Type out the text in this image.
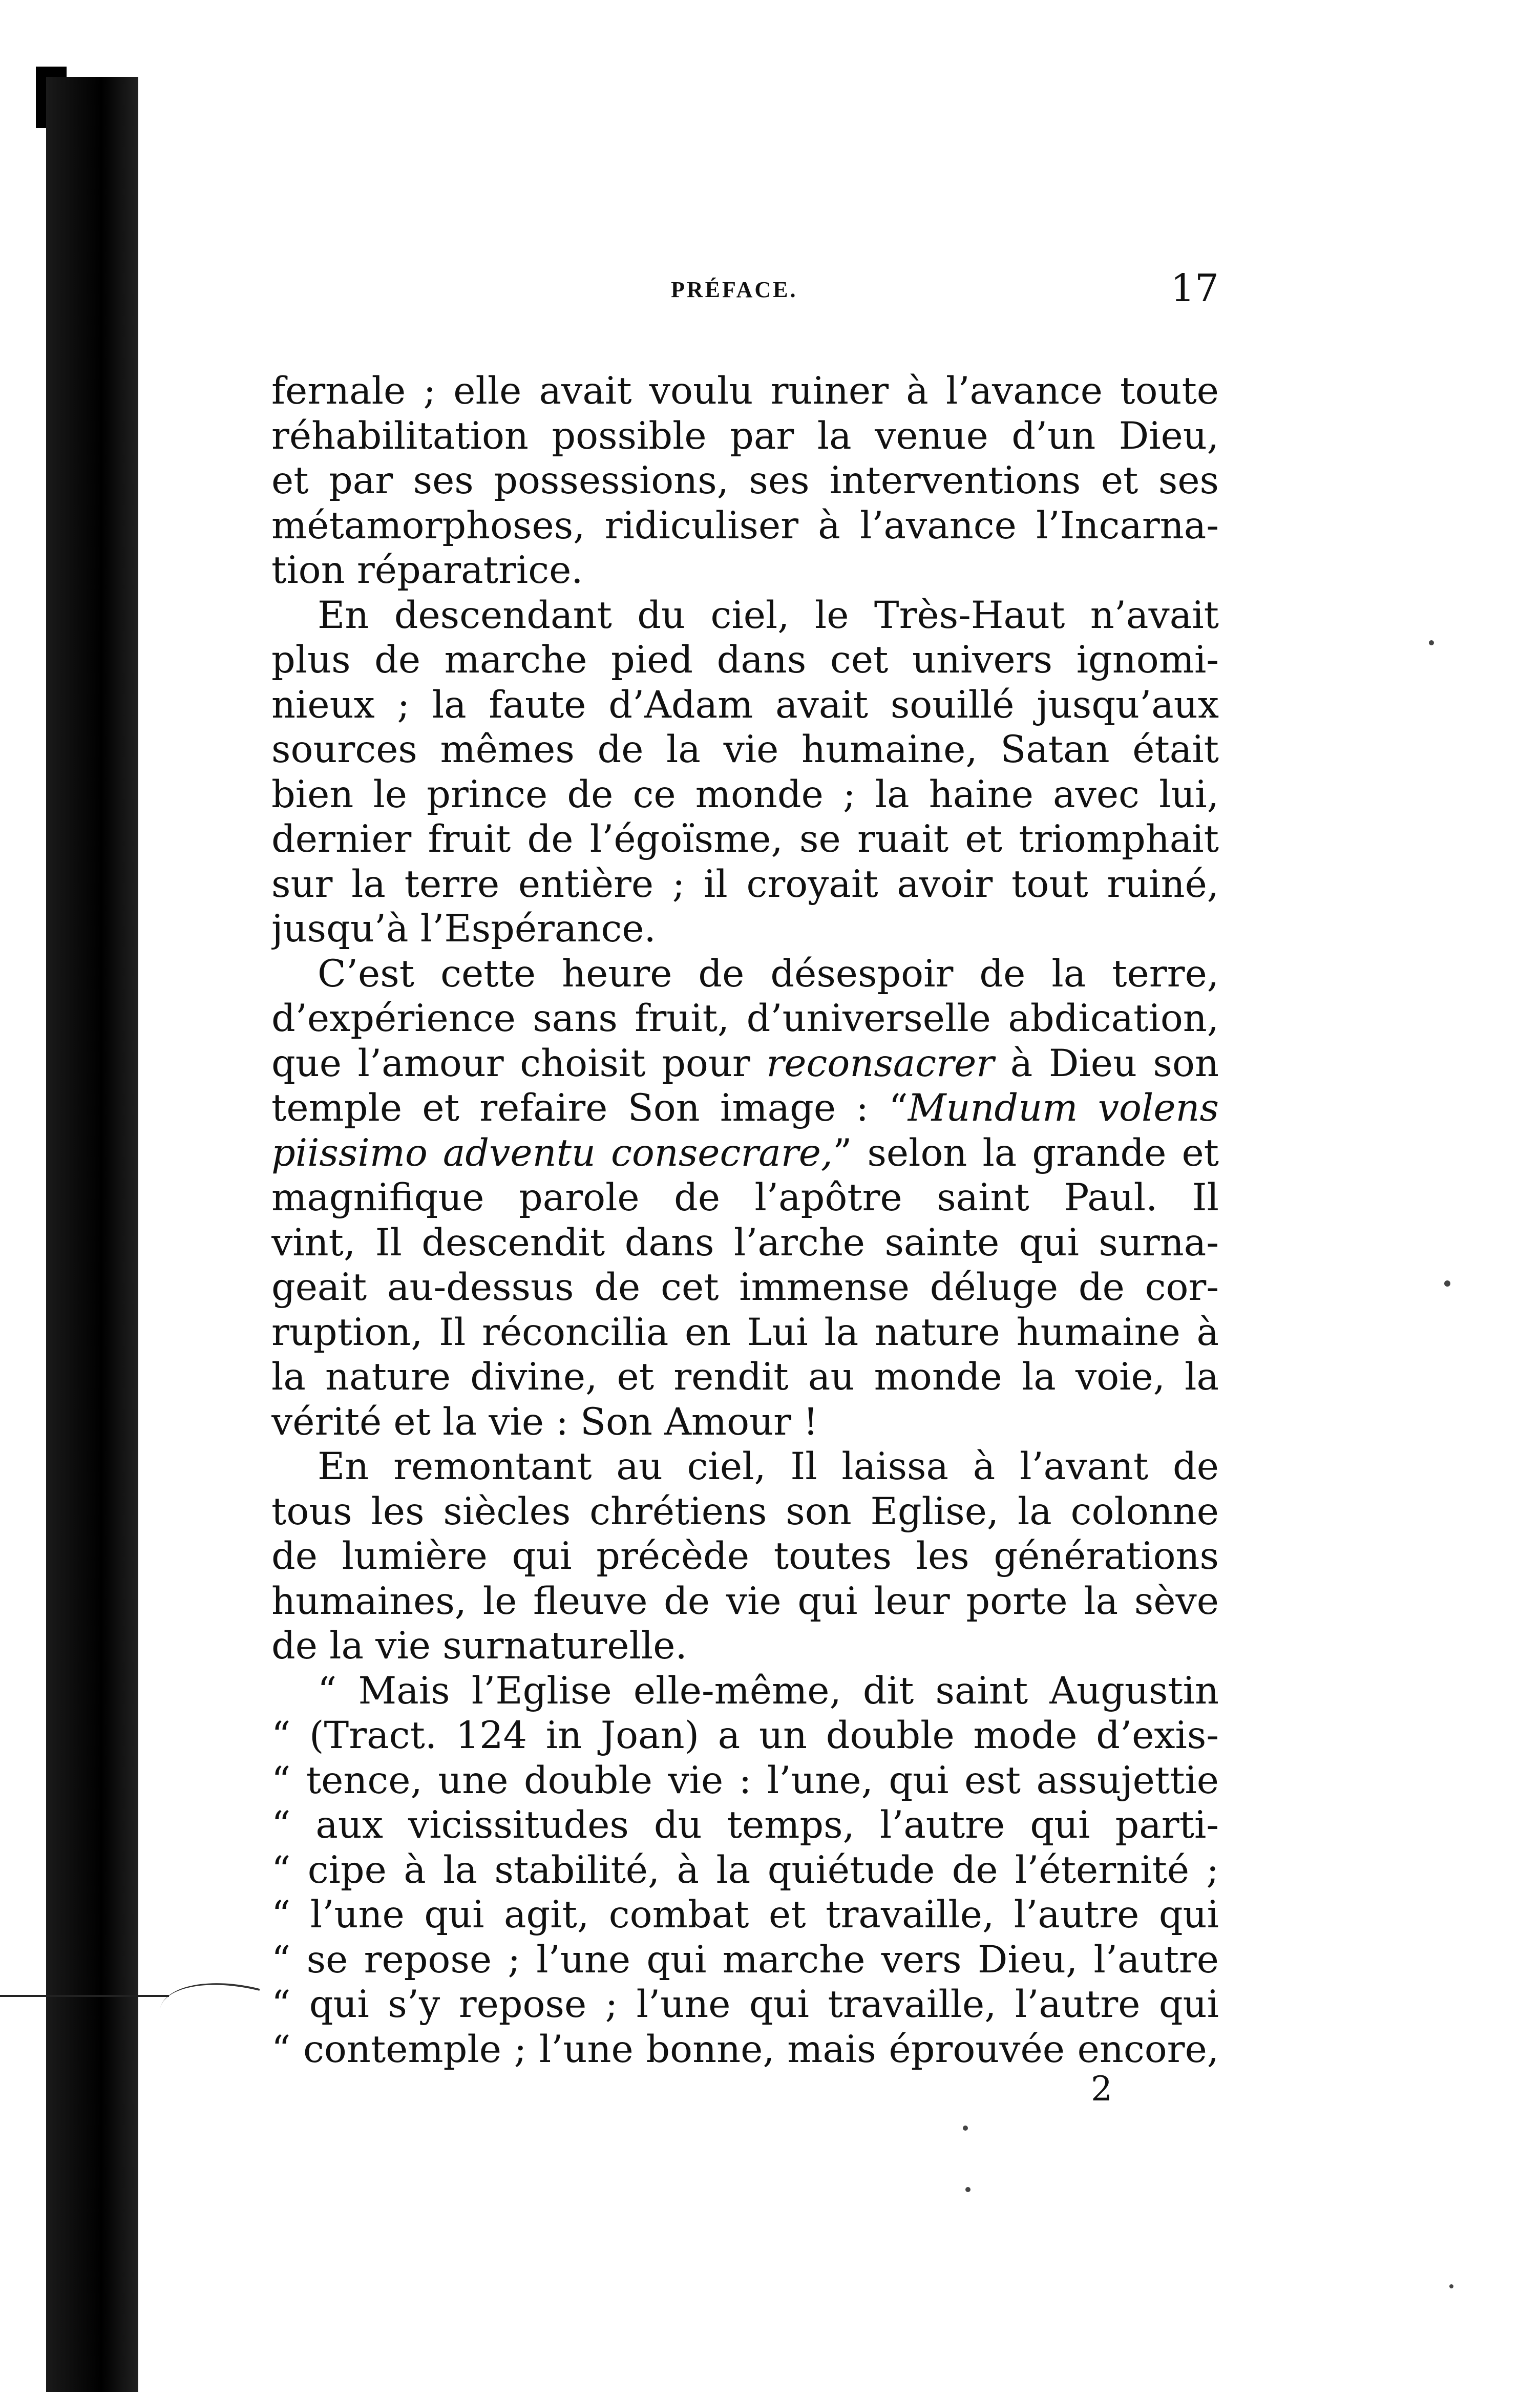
PRÉFACE.	17
fernale ; elle avait voulu ruiner à l’avance toute
réhabilitation possible par la venue d’un Dieu,
et par ses possessions, ses interventions et ses
métamorphoses, ridiculiser à l’avance l’Incarna-
tion réparatrice.
En descendant du ciel, le Très-Haut n’avait
plus de marche pied dans cet univers ignomi-
nieux ; la faute d’Adam avait souillé jusqu’aux
sources mêmes de la vie humaine, Satan était
bien le prince de ce monde ; la haine avec lui,
dernier fruit de l’égoïsme, se ruait et triomphait
sur la terre entière ; il croyait avoir tout ruiné,
jusqu’à l’Espérance.
C’est cette heure de désespoir de la terre,
d’expérience sans fruit, d’universelle abdication,
que l’amour choisit pour reconsacrer à Dieu son
temple et refaire Son image : “Mundum volens
piissimo adventu consecrare,” selon la grande et
magnifique parole de l’apôtre saint Paul. Il
vint, Il descendit dans l’arche sainte qui surna-
geait au-dessus de cet immense déluge de cor-
ruption, Il réconcilia en Lui la nature humaine à
la nature divine, et rendit au monde la voie, la
vérité et la vie : Son Amour !
En remontant au ciel, Il laissa à l’avant de
tous les siècles chrétiens son Eglise, la colonne
de lumière qui précède toutes les générations
humaines, le fleuve de vie qui leur porte la sève
de la vie surnaturelle.
“ Mais l’Eglise elle-même, dit saint Augustin
“ (Tract. 124 in Joan) a un double mode d’exis-
“ tence, une double vie : l’une, qui est assujettie
“ aux vicissitudes du temps, l’autre qui parti-
“ cipe à la stabilité, à la quiétude de l’éternité ;
“ l’une qui agit, combat et travaille, l’autre qui
“ se repose ; l’une qui marche vers Dieu, l’autre
“ qui s’y repose ; l’une qui travaille, l’autre qui
“ contemple ; l’une bonne, mais éprouvée encore,
2
